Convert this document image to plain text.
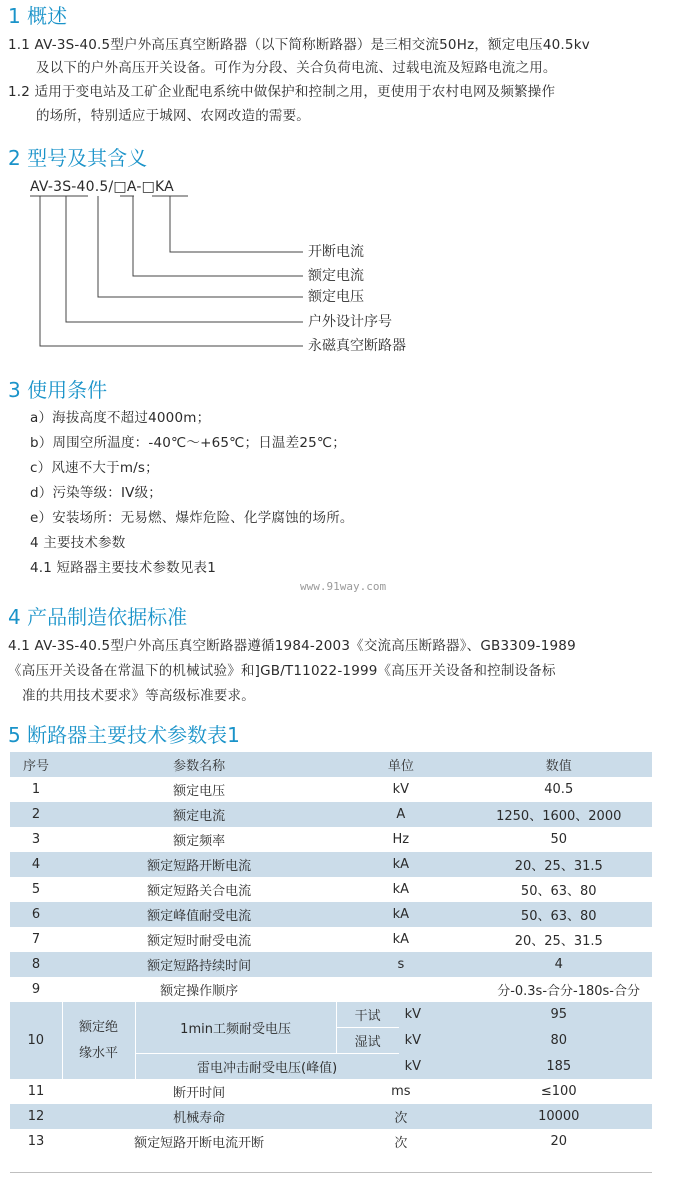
1 概述
1.1 AV-3S-40.5型户外高压真空断路器（以下简称断路器）是三相交流50Hz，额定电压40.5kv
及以下的户外高压开关设备。可作为分段、关合负荷电流、过载电流及短路电流之用。
1.2 适用于变电站及工矿企业配电系统中做保护和控制之用，更使用于农村电网及频繁操作
的场所，特别适应于城网、农网改造的需要。
2 型号及其含义
AV-3S-40.5/□A-□KA
开断电流
额定电流
额定电压
户外设计序号
永磁真空断路器
3 使用条件
a）海拔高度不超过4000m；
b）周围空所温度：-40℃～+65℃；日温差25℃；
c）风速不大于m/s；
d）污染等级：IV级；
e）安装场所：无易燃、爆炸危险、化学腐蚀的场所。
4 主要技术参数
4.1 短路器主要技术参数见表1
www.91way.com
4 产品制造依据标准
4.1 AV-3S-40.5型户外高压真空断路器遵循1984-2003《交流高压断路器》、GB3309-1989
《高压开关设备在常温下的机械试验》和]GB/T11022-1999《高压开关设备和控制设备标
准的共用技术要求》等高级标准要求。
5 断路器主要技术参数表1
序号	参数名称		单位		数值
1	额定电压		kV		40.5
2	额定电流		A		1250、1600、2000
3	额定频率		Hz		50
4	额定短路开断电流		kA		20、25、31.5
5	额定短路关合电流		kA		50、63、80
6	额定峰值耐受电流		kA		50、63、80
7	额定短时耐受电流		kA		20、25、31.5
8	额定短路持续时间		s		4
9	额定操作顺序				分-0.3s-合分-180s-合分
10	额定绝缘水平	1min工频耐受电压	干试	kV	95
			湿试	kV	80
		雷电冲击耐受电压(峰值)		kV	185
11	断开时间		ms		≤100
12	机械寿命		次		10000
13	额定短路开断电流开断		次		20
